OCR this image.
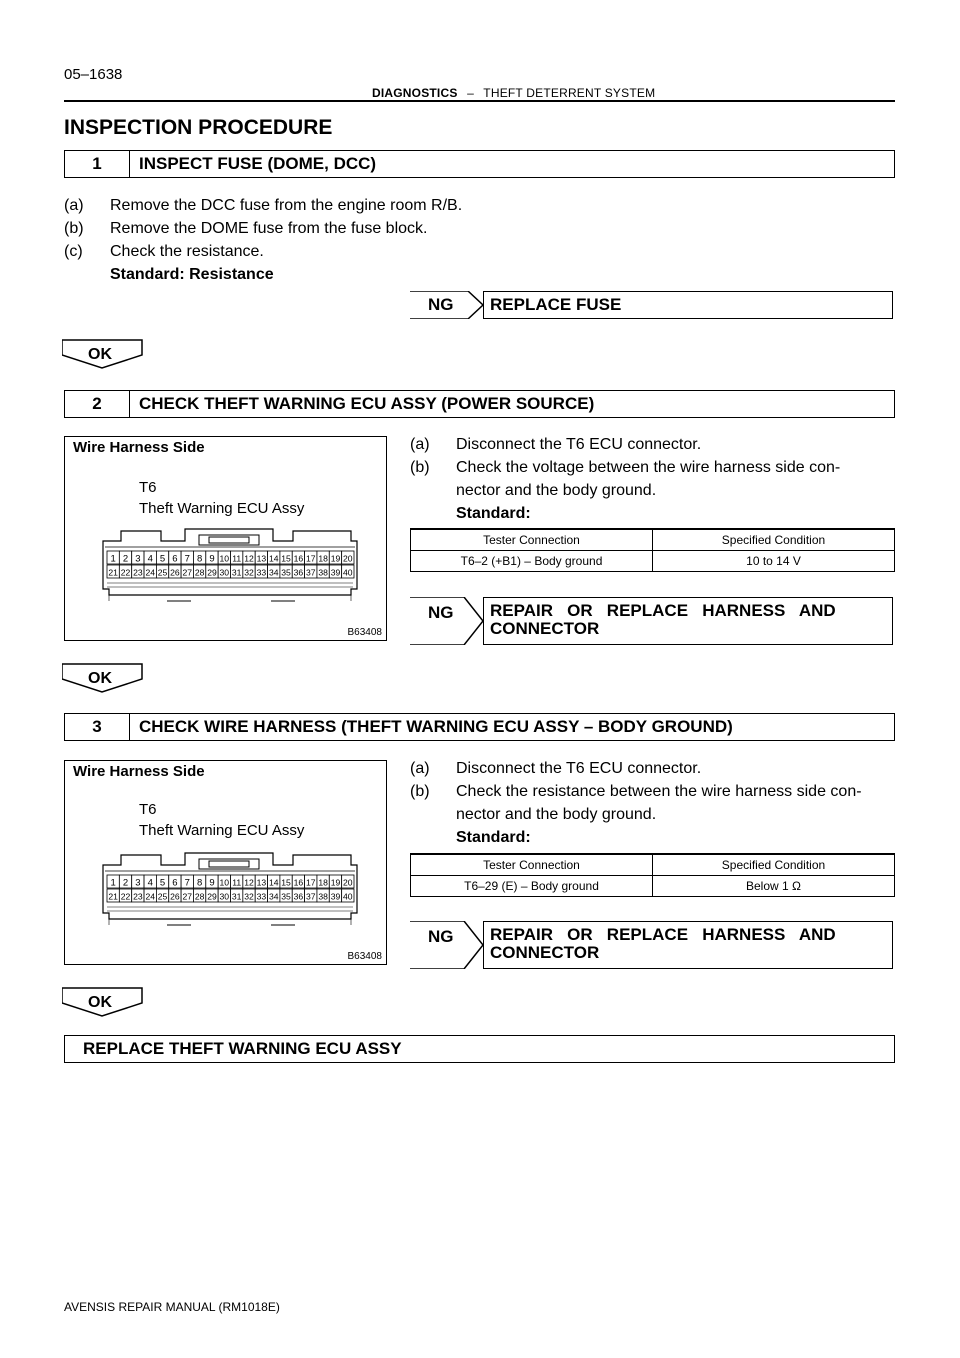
05–1638
DIAGNOSTICS – THEFT DETERRENT SYSTEM
INSPECTION PROCEDURE
1	INSPECT FUSE (DOME, DCC)
(a) Remove the DCC fuse from the engine room R/B.
(b) Remove the DOME fuse from the fuse block.
(c) Check the resistance.
Standard: Resistance
NG	REPLACE FUSE
OK
2	CHECK THEFT WARNING ECU ASSY (POWER SOURCE)
Wire Harness Side
T6
Theft Warning ECU Assy
1 2 3 4 5 6 7 8 9 10 11 12 13 14 15 16 17 18 19 20
21 22 23 24 25 26 27 28 29 30 31 32 33 34 35 36 37 38 39 40
B63408
(a) Disconnect the T6 ECU connector.
(b) Check the voltage between the wire harness side con-
nector and the body ground.
Standard:
Tester Connection	Specified Condition
T6–2 (+B1) – Body ground	10 to 14 V
NG REPAIR   OR   REPLACE   HARNESS   AND
CONNECTOR
OK
3	CHECK WIRE HARNESS (THEFT WARNING ECU ASSY – BODY GROUND)
Wire Harness Side
T6
Theft Warning ECU Assy
1 2 3 4 5 6 7 8 9 10 11 12 13 14 15 16 17 18 19 20
21 22 23 24 25 26 27 28 29 30 31 32 33 34 35 36 37 38 39 40
B63408
(a) Disconnect the T6 ECU connector.
(b) Check the resistance between the wire harness side con-
nector and the body ground.
Standard:
Tester Connection	Specified Condition
T6–29 (E) – Body ground	Below 1 Ω
NG REPAIR   OR   REPLACE   HARNESS   AND
CONNECTOR
OK
REPLACE THEFT WARNING ECU ASSY
AVENSIS REPAIR MANUAL (RM1018E)
